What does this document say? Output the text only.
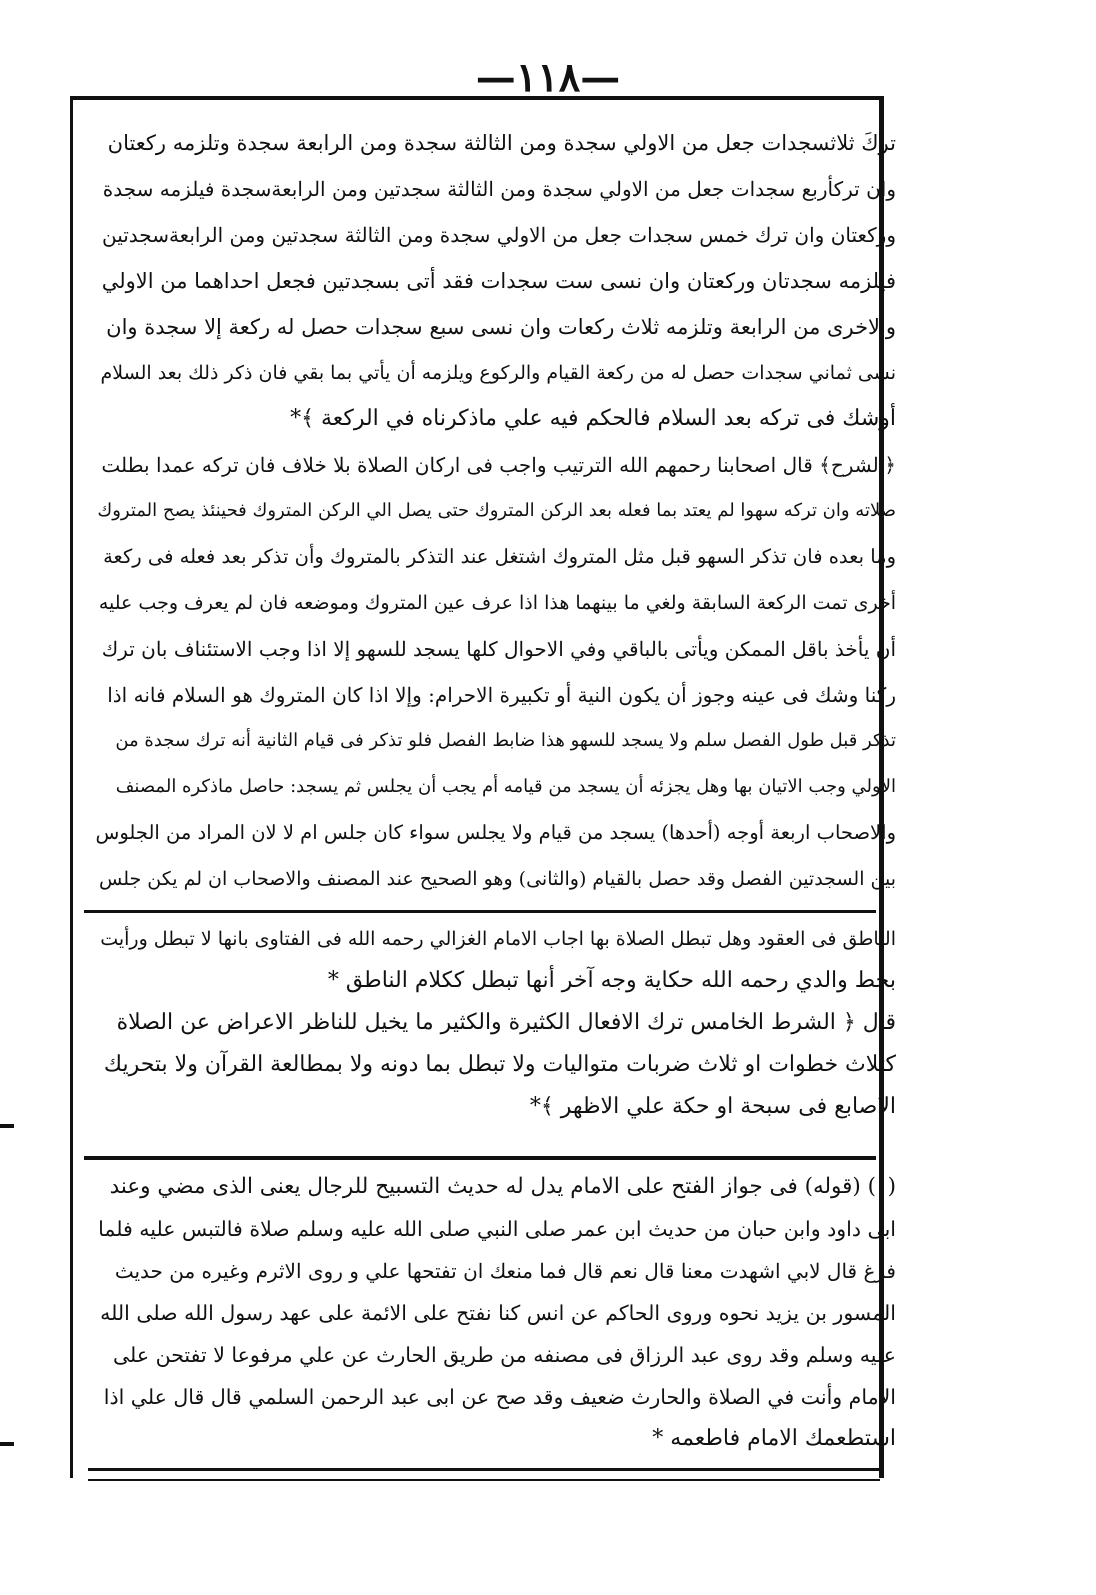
—١١٨—
تركَ ثلاثسجدات جعل من الاولي سجدة ومن الثالثة سجدة ومن الرابعة سجدة وتلزمه ركعتان
وان تركأربع سجدات جعل من الاولي سجدة ومن الثالثة سجدتين ومن الرابعةسجدة فيلزمه سجدة
وركعتان وان ترك خمس سجدات جعل من الاولي سجدة ومن الثالثة سجدتين ومن الرابعةسجدتين
فيلزمه سجدتان وركعتان وان نسى ست سجدات فقد أتى بسجدتين فجعل احداهما من الاولي
والاخرى من الرابعة وتلزمه ثلاث ركعات وان نسى سبع سجدات حصل له ركعة إلا سجدة وان
نسى ثماني سجدات حصل له من ركعة القيام والركوع ويلزمه أن يأتي بما بقي فان ذكر ذلك بعد السلام
أوشك فى تركه بعد السلام فالحكم فيه علي ماذكرناه في الركعة ﴾*
﴿الشرح﴾ قال اصحابنا رحمهم الله الترتيب واجب فى اركان الصلاة بلا خلاف فان تركه عمدا بطلت
صلاته وان تركه سهوا لم يعتد بما فعله بعد الركن المتروك حتى يصل الي الركن المتروك فحينئذ يصح المتروك
وما بعده فان تذكر السهو قبل مثل المتروك اشتغل عند التذكر بالمتروك وأن تذكر بعد فعله فى ركعة
أخرى تمت الركعة السابقة ولغي ما بينهما هذا اذا عرف عين المتروك وموضعه فان لم يعرف وجب عليه
أن يأخذ باقل الممكن ويأتى بالباقي وفي الاحوال كلها يسجد للسهو إلا اذا وجب الاستئناف بان ترك
ركنا وشك فى عينه وجوز أن يكون النية أو تكبيرة الاحرام: وإلا اذا كان المتروك هو السلام فانه اذا
تذكر قبل طول الفصل سلم ولا يسجد للسهو هذا ضابط الفصل فلو تذكر فى قيام الثانية أنه ترك سجدة من
الاولي وجب الاتيان بها وهل يجزئه أن يسجد من قيامه أم يجب أن يجلس ثم يسجد: حاصل ماذكره المصنف
والاصحاب اربعة أوجه (أحدها) يسجد من قيام ولا يجلس سواء كان جلس ام لا لان المراد من الجلوس
بين السجدتين الفصل وقد حصل بالقيام (والثانى) وهو الصحيح عند المصنف والاصحاب ان لم يكن جلس
الناطق فى العقود وهل تبطل الصلاة بها اجاب الامام الغزالي رحمه الله فى الفتاوى بانها لا تبطل ورأيت
بخط والدي رحمه الله حكاية وجه آخر أنها تبطل ككلام الناطق *
قال ﴿ الشرط الخامس ترك الافعال الكثيرة والكثير ما يخيل للناظر الاعراض عن الصلاة
كثلاث خطوات او ثلاث ضربات متواليات ولا تبطل بما دونه ولا بمطالعة القرآن ولا بتحريك
الاصابع فى سبحة او حكة علي الاظهر ﴾*
(١) (قوله) فى جواز الفتح على الامام يدل له حديث التسبيح للرجال يعنى الذى مضي وعند
ابى داود وابن حبان من حديث ابن عمر صلى النبي صلى الله عليه وسلم صلاة فالتبس عليه فلما
فرغ قال لابي اشهدت معنا قال نعم قال فما منعك ان تفتحها علي و روى الاثرم وغيره من حديث
المسور بن يزيد نحوه وروى الحاكم عن انس كنا نفتح على الائمة على عهد رسول الله صلى الله
عليه وسلم وقد روى عبد الرزاق فى مصنفه من طريق الحارث عن علي مرفوعا لا تفتحن على
الامام وأنت في الصلاة والحارث ضعيف وقد صح عن ابى عبد الرحمن السلمي قال قال علي اذا
استطعمك الامام فاطعمه *
